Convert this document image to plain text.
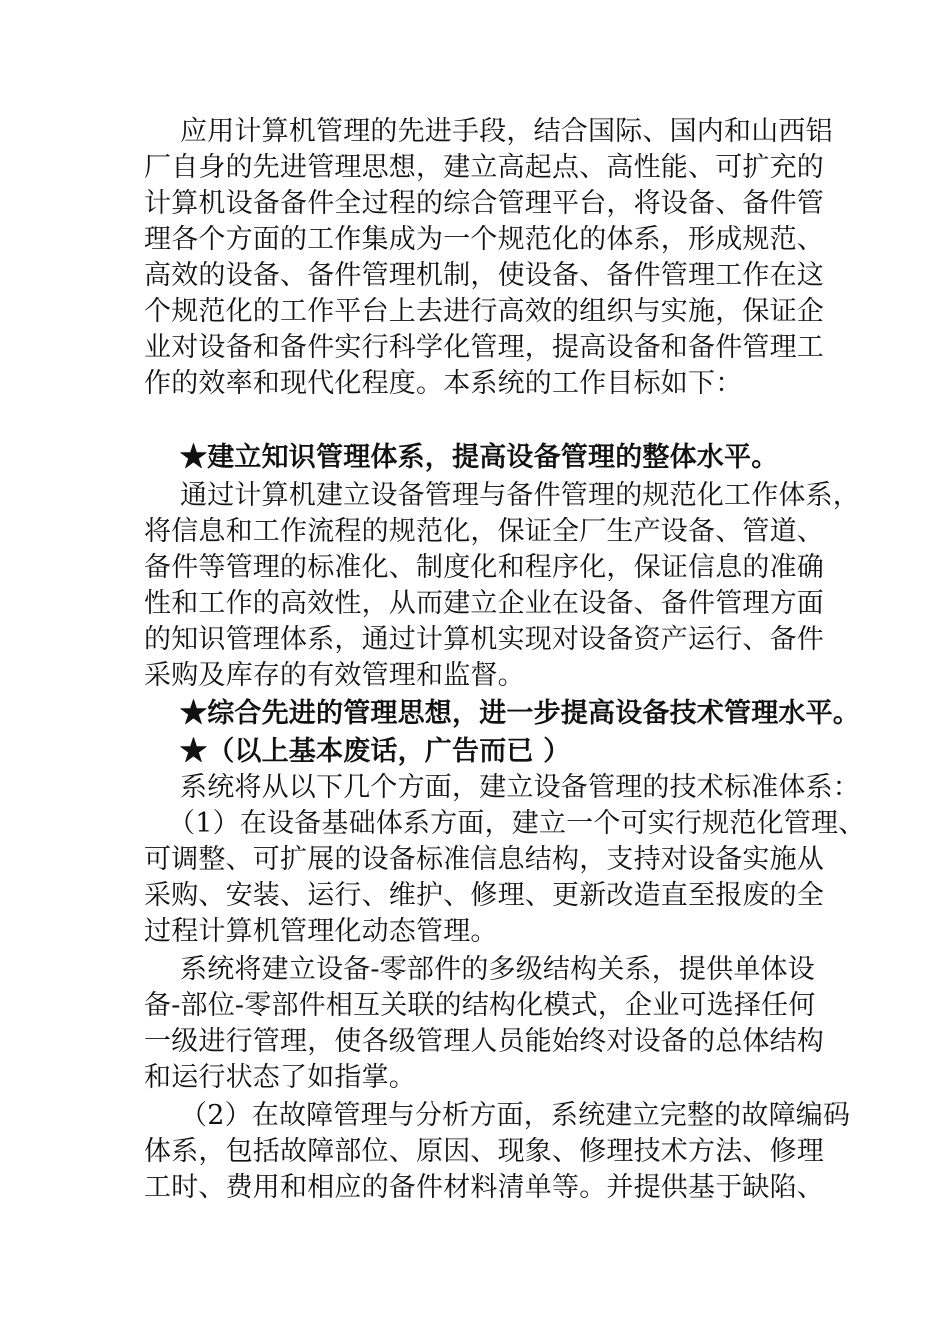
应用计算机管理的先进手段，结合国际、国内和山西铝
厂自身的先进管理思想，建立高起点、高性能、可扩充的
计算机设备备件全过程的综合管理平台，将设备、备件管
理各个方面的工作集成为一个规范化的体系，形成规范、
高效的设备、备件管理机制，使设备、备件管理工作在这
个规范化的工作平台上去进行高效的组织与实施，保证企
业对设备和备件实行科学化管理，提高设备和备件管理工
作的效率和现代化程度。本系统的工作目标如下：
★建立知识管理体系，提高设备管理的整体水平。
通过计算机建立设备管理与备件管理的规范化工作体系，
将信息和工作流程的规范化，保证全厂生产设备、管道、
备件等管理的标准化、制度化和程序化，保证信息的准确
性和工作的高效性，从而建立企业在设备、备件管理方面
的知识管理体系，通过计算机实现对设备资产运行、备件
采购及库存的有效管理和监督。
★综合先进的管理思想，进一步提高设备技术管理水平。
★（以上基本废话，广告而已 ）
系统将从以下几个方面，建立设备管理的技术标准体系：
（1）在设备基础体系方面，建立一个可实行规范化管理、
可调整、可扩展的设备标准信息结构，支持对设备实施从
采购、安装、运行、维护、修理、更新改造直至报废的全
过程计算机管理化动态管理。
系统将建立设备-零部件的多级结构关系，提供单体设
备-部位-零部件相互关联的结构化模式，企业可选择任何
一级进行管理，使各级管理人员能始终对设备的总体结构
和运行状态了如指掌。
（2）在故障管理与分析方面，系统建立完整的故障编码
体系，包括故障部位、原因、现象、修理技术方法、修理
工时、费用和相应的备件材料清单等。并提供基于缺陷、
